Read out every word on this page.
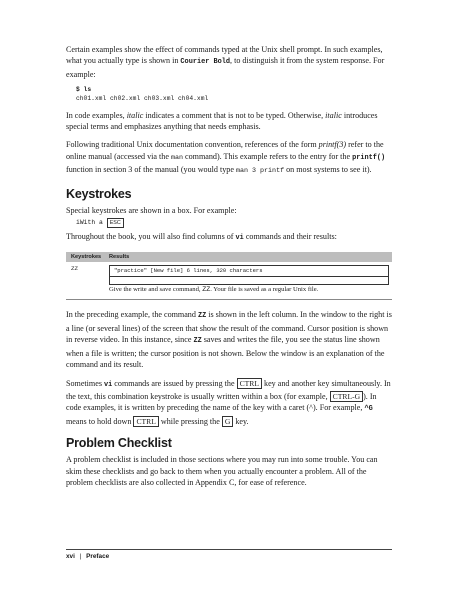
Certain examples show the effect of commands typed at the Unix shell prompt. In such examples, what you actually type is shown in Courier Bold, to distinguish it from the system response. For example:

$ ls
ch01.xml ch02.xml ch03.xml ch04.xml

In code examples, italic indicates a comment that is not to be typed. Otherwise, italic introduces special terms and emphasizes anything that needs emphasis.

Following traditional Unix documentation convention, references of the form printf(3) refer to the online manual (accessed via the man command). This example refers to the entry for the printf() function in section 3 of the manual (you would type man 3 printf on most systems to see it).

Keystrokes

Special keystrokes are shown in a box. For example:

iWith a ESC

Throughout the book, you will also find columns of vi commands and their results:

Keystrokes	Results
ZZ	"practice" [New file] 6 lines, 320 characters
Give the write and save command, ZZ. Your file is saved as a regular Unix file.

In the preceding example, the command ZZ is shown in the left column. In the window to the right is a line (or several lines) of the screen that show the result of the command. Cursor position is shown in reverse video. In this instance, since ZZ saves and writes the file, you see the status line shown when a file is written; the cursor position is not shown. Below the window is an explanation of the command and its result.

Sometimes vi commands are issued by pressing the CTRL key and another key simultaneously. In the text, this combination keystroke is usually written within a box (for example, CTRL-G ). In code examples, it is written by preceding the name of the key with a caret (^). For example, ^G means to hold down CTRL while pressing the G key.

Problem Checklist

A problem checklist is included in those sections where you may run into some trouble. You can skim these checklists and go back to them when you actually encounter a problem. All of the problem checklists are also collected in Appendix C, for ease of reference.

xvi | Preface
